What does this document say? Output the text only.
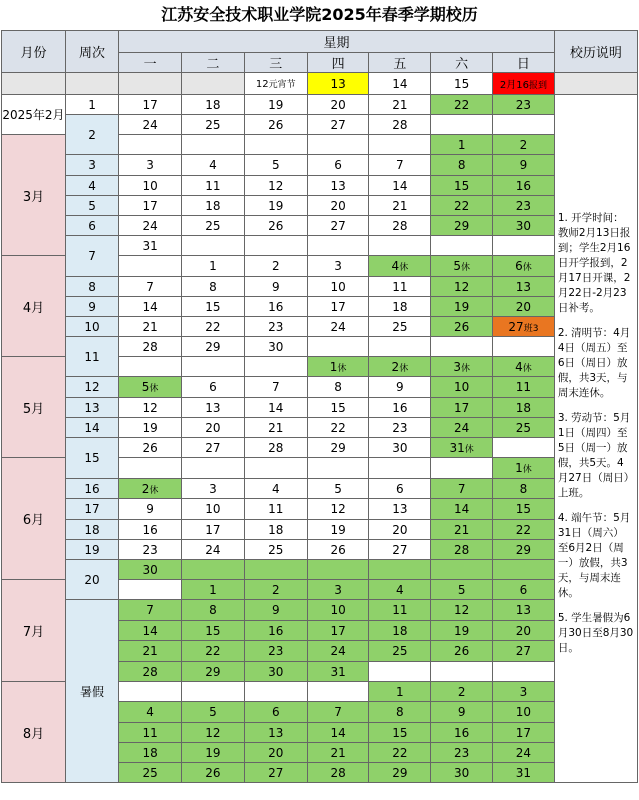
江苏安全技术职业学院2025年春季学期校历
月份	周次	星期							校历说明
		一	二	三	四	五	六	日	
				12元宵节	13	14	15	2月16报到	
2025年2月	1	17	18	19	20	21	22	23	1. 开学时间：教师2月13日报到；学生2月16日开学报到，2月17日开课，2月22日-2月23日补考。

2. 清明节：4月4日（周五）至6日（周日）放假，共3天，与周末连休。

3. 劳动节：5月1日（周四）至5日（周一）放假，共5天。4月27日（周日）上班。

4. 端午节：5月31日（周六）至6月2日（周一）放假，共3天，与周末连休。

5. 学生暑假为6月30日至8月30日。

	2	24	25	26	27	28			
3月							1	2	
	3	3	4	5	6	7	8	9	
	4	10	11	12	13	14	15	16	
	5	17	18	19	20	21	22	23	
	6	24	25	26	27	28	29	30	
	7	31							
4月			1	2	3	4休	5休	6休	
	8	7	8	9	10	11	12	13	
	9	14	15	16	17	18	19	20	
	10	21	22	23	24	25	26	27班3	
	11	28	29	30					
5月					1休	2休	3休	4休	
	12	5休	6	7	8	9	10	11	
	13	12	13	14	15	16	17	18	
	14	19	20	21	22	23	24	25	
	15	26	27	28	29	30	31休		
6月								1休	
	16	2休	3	4	5	6	7	8	
	17	9	10	11	12	13	14	15	
	18	16	17	18	19	20	21	22	
	19	23	24	25	26	27	28	29	
	20	30							
7月			1	2	3	4	5	6	
	暑假	7	8	9	10	11	12	13	
		14	15	16	17	18	19	20	
		21	22	23	24	25	26	27	
		28	29	30	31				
8月						1	2	3	
		4	5	6	7	8	9	10	
		11	12	13	14	15	16	17	
		18	19	20	21	22	23	24	
		25	26	27	28	29	30	31	
